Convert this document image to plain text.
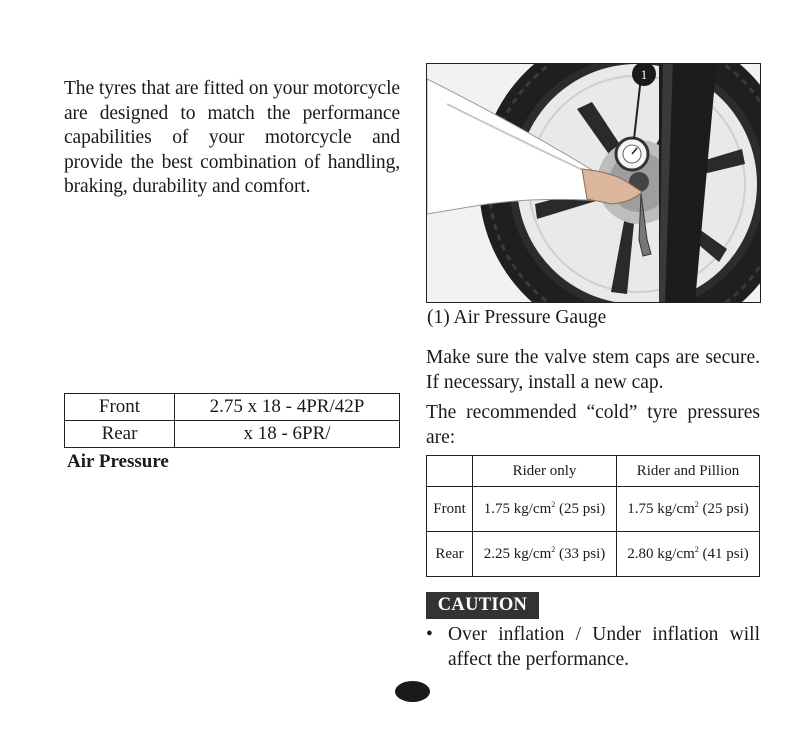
The tyres that are fitted on your motorcycle are designed to match the performance capabilities of your motorcycle and provide the best combination of handling, braking, durability and comfort.
Front	2.75 x 18 - 4PR/42P
Rear	x 18 - 6PR/
Air Pressure
1
(1) Air Pressure Gauge
Make sure the valve stem caps are secure. If necessary, install a new cap.
The recommended “cold” tyre pressures are:
	Rider only	Rider and Pillion
Front	1.75 $kg/cm^2$ (25 psi)	1.75 $kg/cm^2$ (25 psi)
Rear	2.25 $kg/cm^2$ (33 psi)	2.80 $kg/cm^2$ (41 psi)
CAUTION
• Over inflation / Under inflation will
affect the performance.
